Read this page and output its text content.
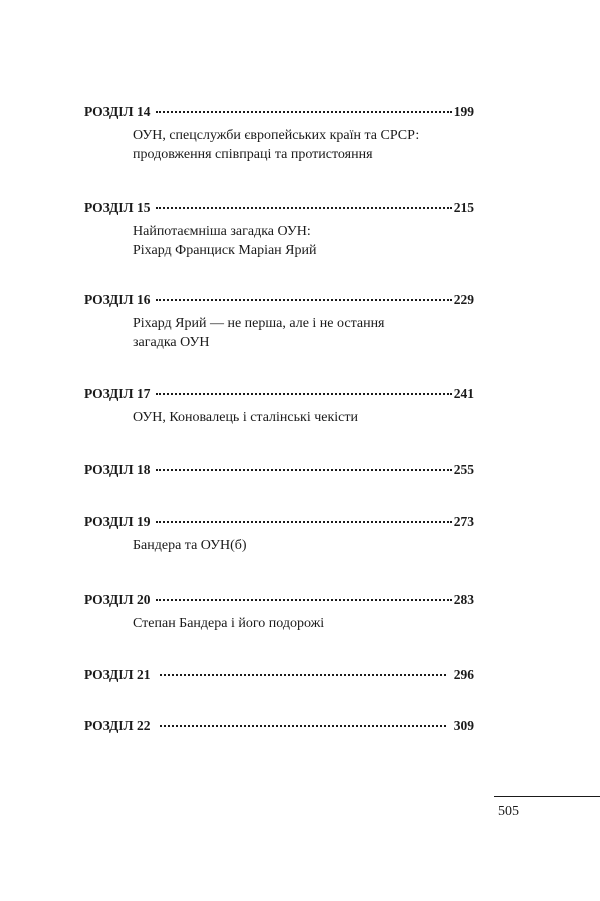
РОЗДІЛ 14	199
ОУН, спецслужби європейських країн та СРСР:
продовження співпраці та протистояння
РОЗДІЛ 15	215
Найпотаємніша загадка ОУН:
Ріхард Франциск Маріан Ярий
РОЗДІЛ 16	229
Ріхард Ярий — не перша, але і не остання
загадка ОУН
РОЗДІЛ 17	241
ОУН, Коновалець і сталінські чекісти
РОЗДІЛ 18	255
РОЗДІЛ 19	273
Бандера та ОУН(б)
РОЗДІЛ 20	283
Степан Бандера і його подорожі
РОЗДІЛ 21	296
РОЗДІЛ 22	309
505
